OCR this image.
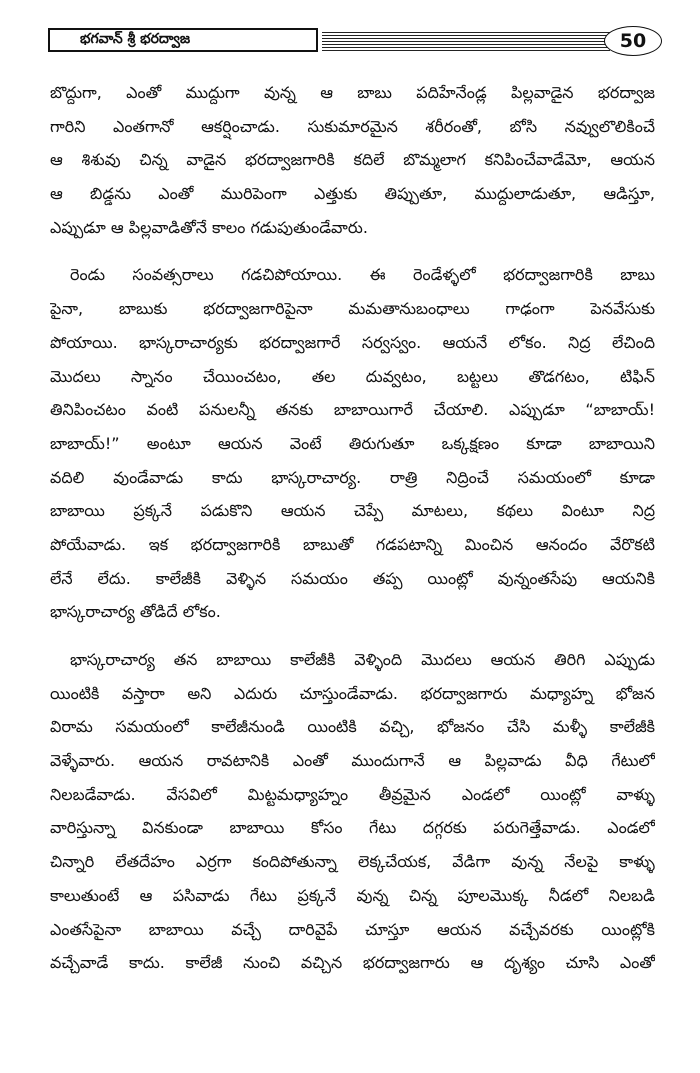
భగవాన్ శ్రీ భరద్వాజ	50
బొద్దుగా, ఎంతో ముద్దుగా వున్న ఆ బాబు పదిహేనేండ్ల పిల్లవాడైన భరద్వాజ
గారిని ఎంతగానో ఆకర్షించాడు. సుకుమారమైన శరీరంతో, బోసి నవ్వులొలికించే
ఆ శిశువు చిన్న వాడైన భరద్వాజగారికి కదిలే బొమ్మలాగ కనిపించేవాడేమో, ఆయన
ఆ బిడ్డను ఎంతో మురిపెంగా ఎత్తుకు తిప్పుతూ, ముద్దులాడుతూ, ఆడిస్తూ,
ఎప్పుడూ ఆ పిల్లవాడితోనే కాలం గడుపుతుండేవారు.
రెండు సంవత్సరాలు గడచిపోయాయి. ఈ రెండేళ్ళలో భరద్వాజగారికి బాబు
పైనా, బాబుకు భరద్వాజగారిపైనా మమతానుబంధాలు గాఢంగా పెనవేసుకు
పోయాయి. భాస్కరాచార్యకు భరద్వాజగారే సర్వస్వం. ఆయనే లోకం. నిద్ర లేచింది
మొదలు స్నానం చేయించటం, తల దువ్వటం, బట్టలు తొడగటం, టిఫిన్
తినిపించటం వంటి పనులన్నీ తనకు బాబాయిగారే చేయాలి. ఎప్పుడూ “బాబాయ్!
బాబాయ్!” అంటూ ఆయన వెంటే తిరుగుతూ ఒక్కక్షణం కూడా బాబాయిని
వదిలి వుండేవాడు కాదు భాస్కరాచార్య. రాత్రి నిద్రించే సమయంలో కూడా
బాబాయి ప్రక్కనే పడుకొని ఆయన చెప్పే మాటలు, కథలు వింటూ నిద్ర
పోయేవాడు. ఇక భరద్వాజగారికి బాబుతో గడపటాన్ని మించిన ఆనందం వేరొకటి
లేనే లేదు. కాలేజీకి వెళ్ళిన సమయం తప్ప యింట్లో వున్నంతసేపు ఆయనికి
భాస్కరాచార్య తోడిదే లోకం.
భాస్కరాచార్య తన బాబాయి కాలేజీకి వెళ్ళింది మొదలు ఆయన తిరిగి ఎప్పుడు
యింటికి వస్తారా అని ఎదురు చూస్తుండేవాడు. భరద్వాజగారు మధ్యాహ్న భోజన
విరామ సమయంలో కాలేజీనుండి యింటికి వచ్చి, భోజనం చేసి మళ్ళీ కాలేజీకి
వెళ్ళేవారు. ఆయన రావటానికి ఎంతో ముందుగానే ఆ పిల్లవాడు వీధి గేటులో
నిలబడేవాడు. వేసవిలో మిట్టమధ్యాహ్నం తీవ్రమైన ఎండలో యింట్లో వాళ్ళు
వారిస్తున్నా వినకుండా బాబాయి కోసం గేటు దగ్గరకు పరుగెత్తేవాడు. ఎండలో
చిన్నారి లేతదేహం ఎర్రగా కందిపోతున్నా లెక్కచేయక, వేడిగా వున్న నేలపై కాళ్ళు
కాలుతుంటే ఆ పసివాడు గేటు ప్రక్కనే వున్న చిన్న పూలమొక్క నీడలో నిలబడి
ఎంతసేపైనా బాబాయి వచ్చే దారివైపే చూస్తూ ఆయన వచ్చేవరకు యింట్లోకి
వచ్చేవాడే కాదు. కాలేజీ నుంచి వచ్చిన భరద్వాజగారు ఆ దృశ్యం చూసి ఎంతో
